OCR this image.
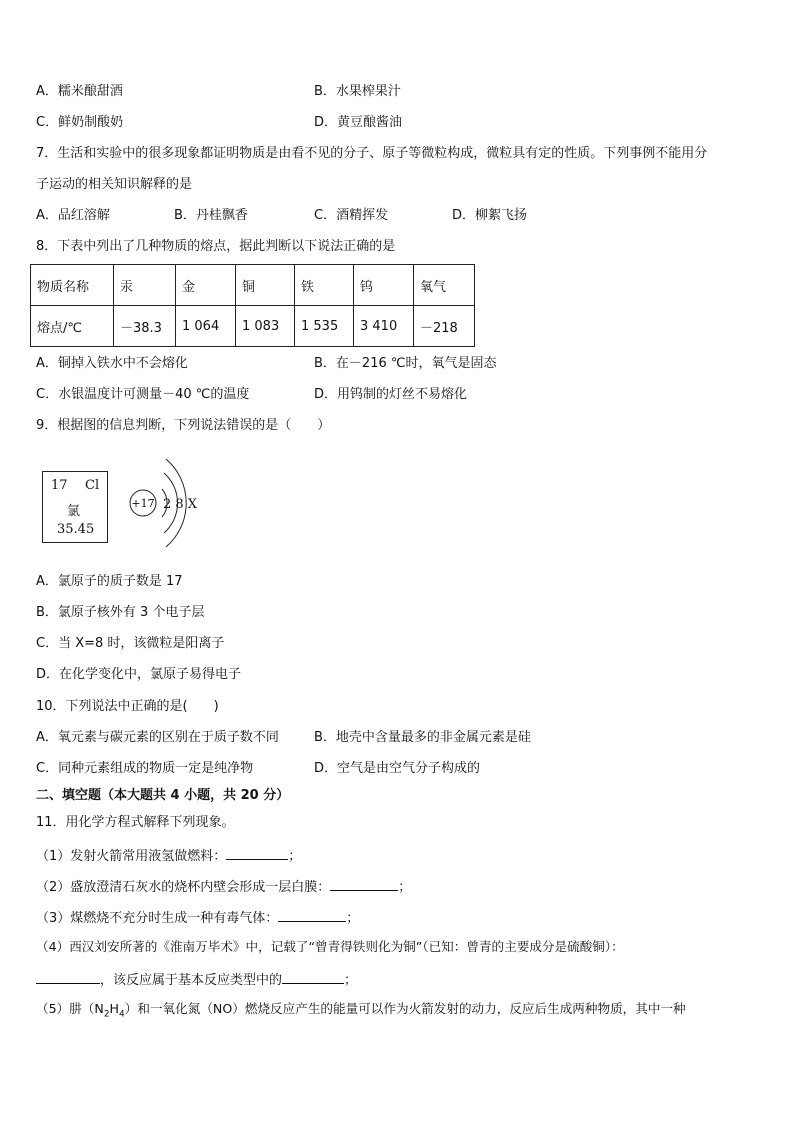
A．糯米酿甜酒	B．水果榨果汁
C．鲜奶制酸奶	D．黄豆酿酱油
7．生活和实验中的很多现象都证明物质是由看不见的分子、原子等微粒构成，微粒具有定的性质。下列事例不能用分
子运动的相关知识解释的是
A．品红溶解	B．丹桂飘香	C．酒精挥发	D．柳絮飞扬
8．下表中列出了几种物质的熔点，据此判断以下说法正确的是
物质名称	汞	金	铜	铁	钨	氧气
熔点/℃	－38.3	1 064	1 083	1 535	3 410	－218
A．铜掉入铁水中不会熔化	B．在－216 ℃时，氧气是固态
C．水银温度计可测量－40 ℃的温度	D．用钨制的灯丝不易熔化
9．根据图的信息判断，下列说法错误的是（　　）
17 Cl
氯
35.45
+17 2 8 X
A．氯原子的质子数是 17
B．氯原子核外有 3 个电子层
C．当 X=8 时，该微粒是阳离子
D．在化学变化中，氯原子易得电子
10．下列说法中正确的是(　　)
A．氧元素与碳元素的区别在于质子数不同	B．地壳中含量最多的非金属元素是硅
C．同种元素组成的物质一定是纯净物	D．空气是由空气分子构成的
二、填空题（本大题共 4 小题，共 20 分）
11．用化学方程式解释下列现象。
（1）发射火箭常用液氢做燃料：	；
（2）盛放澄清石灰水的烧杯内壁会形成一层白膜：	；
（3）煤燃烧不充分时生成一种有毒气体：	；
（4）西汉刘安所著的《淮南万毕术》中，记载了“曾青得铁则化为铜”（已知：曾青的主要成分是硫酸铜）：
，该反应属于基本反应类型中的	；
（5）肼$(N_2H_4)$和一氧化氮（NO）燃烧反应产生的能量可以作为火箭发射的动力，反应后生成两种物质，其中一种
